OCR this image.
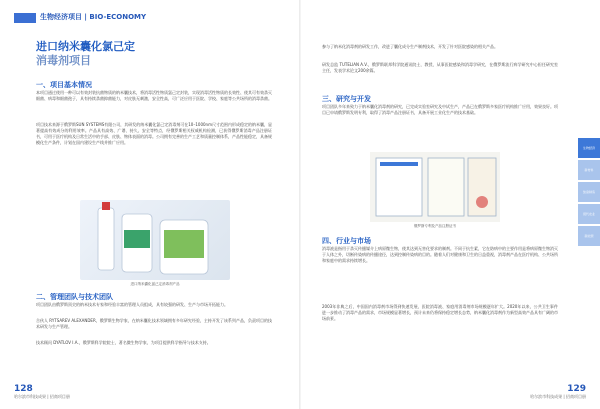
生物经济项目 | BIO-ECONOMY
进口纳米囊化氯己定
消毒剂项目
一、项目基本情况
本项目通过使用一种可以有效封装抗菌物质的纳米囊技术，将消毒活性物质氯己定封装，实现消毒活性物质的长效性、使其可有效杀灭细菌、病毒和细菌孢子，具有持续杀菌抑菌能力，对皮肤无刺激，安全性高，可广泛应用于医院、学校、家庭等公共场所的消毒杀菌。
项目技术来源于俄罗斯SUN SYSTEMS有限公司，其研发的纳米囊化氯己定消毒剂可在10–1000nm尺寸范围内形成稳定的纳米囊，显著提高有效成分的利用效率。产品具有高效、广谱、持久、安全等特点，经俄罗斯相关权威机构检测，已获得俄罗斯消毒产品注册证书，可用于医疗机构及日常生活中的手部、皮肤、物体表面的消毒。公司拥有完善的生产工艺和质量控制体系，产品性能稳定，具备规模化生产条件，计划在国内建设生产线并推广应用。
进口纳米囊化氯己定消毒剂产品
二、管理团队与技术团队
项目团队由俄罗斯顶尖的纳米技术专家和经验丰富的管理人员组成，具有较强的研发、生产与市场开拓能力。
合伙人 RYTSAREV ALEXANDER，俄罗斯生物学家，在纳米囊化技术领域拥有多年研究经验，主持开发了该系列产品，负责项目的技术研发与生产管理。
技术顾问 DYATLOV I.A.，俄罗斯科学院院士，著名微生物学家，为项目提供科学指导与技术支持。
128
哈尔滨市科技成果 | 招商项目册
参与了纳米化消毒剂的研发工作，改进了囊化成分生产制剂技术，开发了针对医院感染的相关产品。
研发总监 TUTELIAN A.V.，俄罗斯联邦科学院通讯院士，教授，从事医院感染和消毒学研究，在俄罗斯流行病学研究中心担任研究室主任，发表学术论文200余篇。
三、研究与开发
项目团队多年来致力于纳米囊化消毒剂的研究，已完成实验室研究及中试生产，产品已在俄罗斯多家医疗机构推广应用，效果良好。项目已申请俄罗斯发明专利，取得了消毒产品注册证书，具备开展工业化生产的技术基础。
俄罗斯专利及产品注册证书
四、行业与市场
消毒液是指用于杀灭传播媒介上病原微生物，使其达到无害化要求的制剂。不同于抗生素，它在防病中的主要作用是将病原微生物消灭于人体之外，切断传染病的传播途径，达到控制传染病的目的。随着人们对健康和卫生的日益重视，消毒剂产品在医疗机构、公共场所和家庭中的需求持续增长。
2003年非典之后，中国国内消毒剂市场得到快速发展，医院消毒液、家庭用消毒剂市场规模逐年扩大。2020年以来，公共卫生事件进一步推动了消毒产品的需求，市场规模显著增长，预计未来仍将保持稳定增长态势，纳米囊化消毒剂作为新型高效产品具有广阔的市场前景。
生物经济
新材料
装备制造
现代农业
新能源
129
哈尔滨市科技成果 | 招商项目册
